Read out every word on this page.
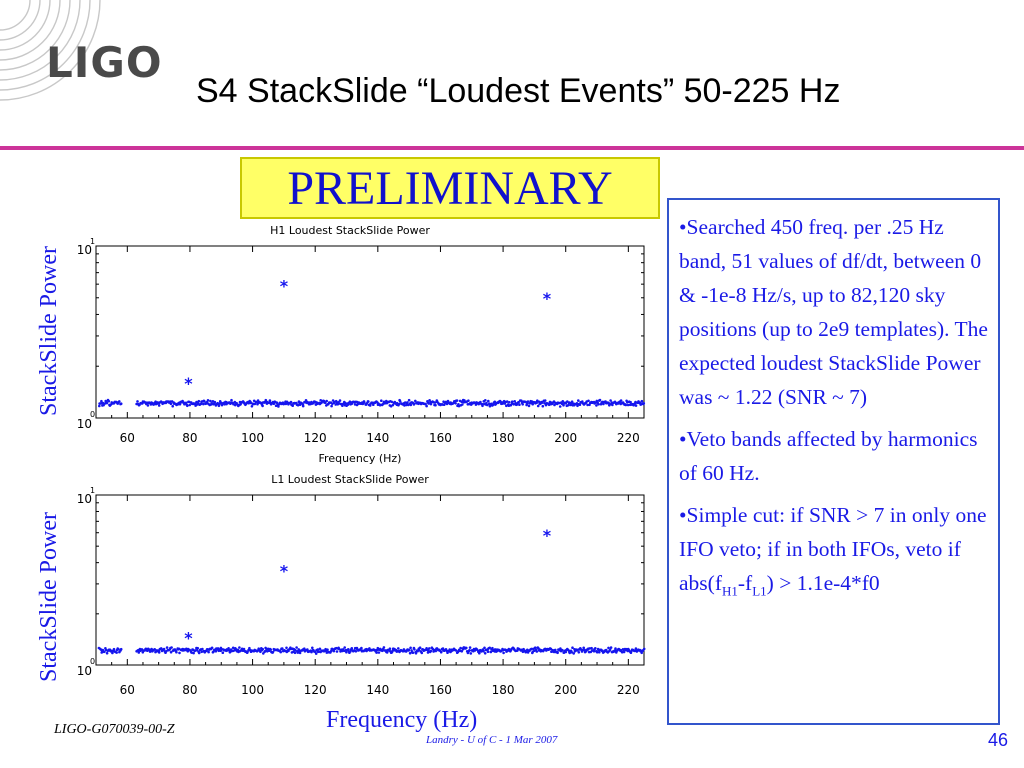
LIGO
S4 StackSlide “Loudest Events” 50-225 Hz
PRELIMINARY
StackSlide Power
StackSlide Power
H1 Loudest StackSlide Power
60	80	100	120	140	160	180	200	220
10
1
10
0
Frequency (Hz)
*
*
*
L1 Loudest StackSlide Power
60	80	100	120	140	160	180	200	220
10
1
10
0
*
*
*

•Searched 450 freq. per .25 Hz band, 51 values of df/dt, between 0 & -1e-8 Hz/s, up to 82,120 sky positions (up to 2e9 templates). The expected loudest StackSlide Power was ~ 1.22 (SNR ~ 7)

•Veto bands affected by harmonics of 60 Hz.

•Simple cut: if SNR > 7 in only one IFO veto; if in both IFOs, veto if $abs(f_{H1}-f_{L1}) > 1.1e-4*f0$

Frequency (Hz)
LIGO-G070039-00-Z
Landry - U of C - 1 Mar 2007	46
